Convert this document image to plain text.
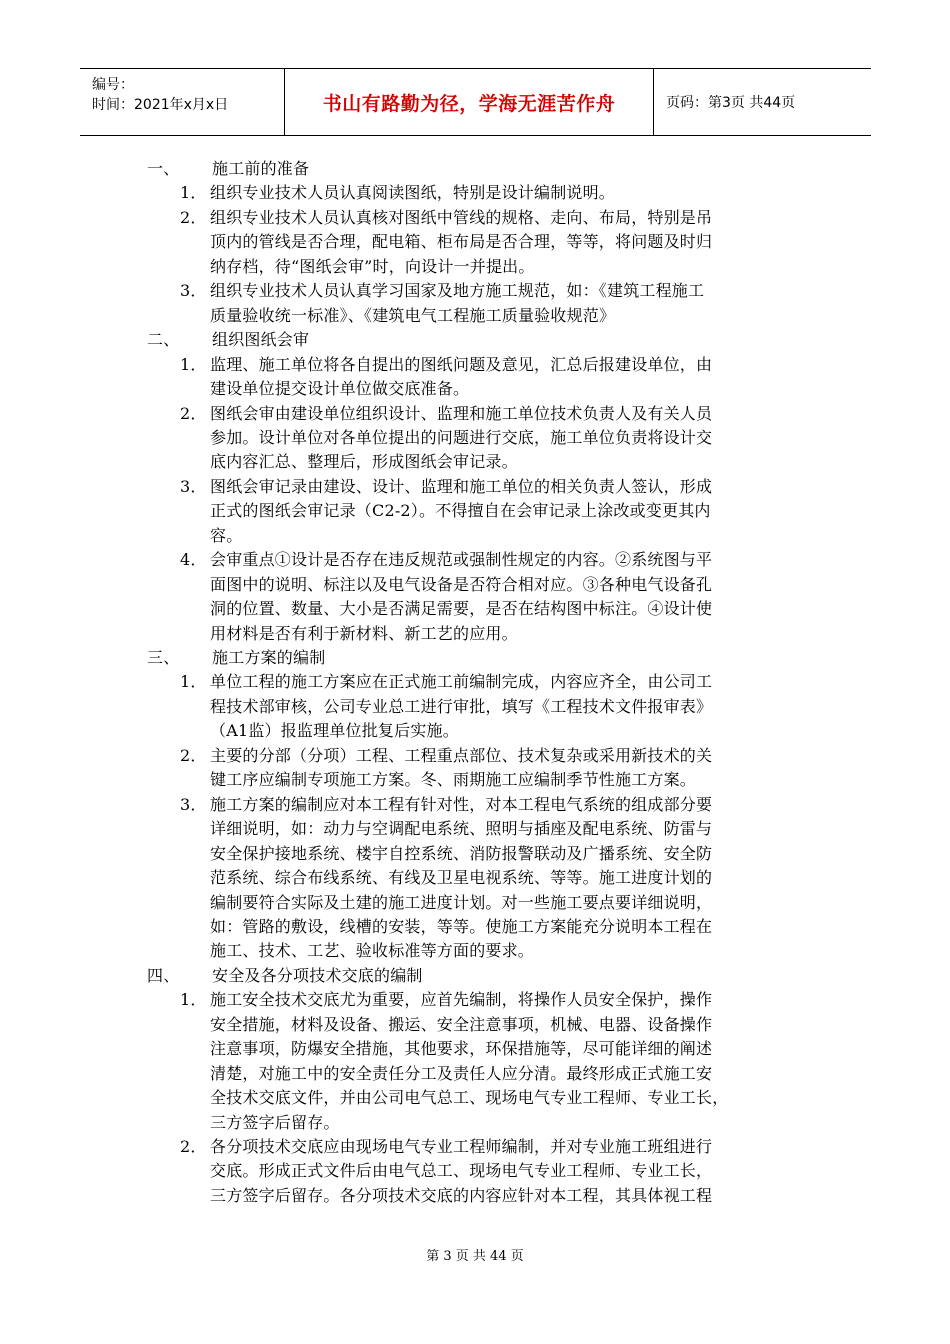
编号：
时间：2021年x月x日	书山有路勤为径，学海无涯苦作舟	页码：第3页 共44页
一、 施工前的准备
1． 组织专业技术人员认真阅读图纸，特别是设计编制说明。
2． 组织专业技术人员认真核对图纸中管线的规格、走向、布局，特别是吊
顶内的管线是否合理，配电箱、柜布局是否合理，等等，将问题及时归
纳存档，待“图纸会审”时，向设计一并提出。
3． 组织专业技术人员认真学习国家及地方施工规范，如：《建筑工程施工
质量验收统一标准》、《建筑电气工程施工质量验收规范》
二、 组织图纸会审
1． 监理、施工单位将各自提出的图纸问题及意见，汇总后报建设单位，由
建设单位提交设计单位做交底准备。
2． 图纸会审由建设单位组织设计、监理和施工单位技术负责人及有关人员
参加。设计单位对各单位提出的问题进行交底，施工单位负责将设计交
底内容汇总、整理后，形成图纸会审记录。
3． 图纸会审记录由建设、设计、监理和施工单位的相关负责人签认，形成
正式的图纸会审记录（C2-2）。不得擅自在会审记录上涂改或变更其内
容。
4． 会审重点①设计是否存在违反规范或强制性规定的内容。②系统图与平
面图中的说明、标注以及电气设备是否符合相对应。③各种电气设备孔
洞的位置、数量、大小是否满足需要，是否在结构图中标注。④设计使
用材料是否有利于新材料、新工艺的应用。
三、 施工方案的编制
1． 单位工程的施工方案应在正式施工前编制完成，内容应齐全，由公司工
程技术部审核，公司专业总工进行审批，填写《工程技术文件报审表》
（A1监）报监理单位批复后实施。
2． 主要的分部（分项）工程、工程重点部位、技术复杂或采用新技术的关
键工序应编制专项施工方案。冬、雨期施工应编制季节性施工方案。
3． 施工方案的编制应对本工程有针对性，对本工程电气系统的组成部分要
详细说明，如：动力与空调配电系统、照明与插座及配电系统、防雷与
安全保护接地系统、楼宇自控系统、消防报警联动及广播系统、安全防
范系统、综合布线系统、有线及卫星电视系统、等等。施工进度计划的
编制要符合实际及土建的施工进度计划。对一些施工要点要详细说明，
如：管路的敷设，线槽的安装，等等。使施工方案能充分说明本工程在
施工、技术、工艺、验收标准等方面的要求。
四、 安全及各分项技术交底的编制
1． 施工安全技术交底尤为重要，应首先编制，将操作人员安全保护，操作
安全措施，材料及设备、搬运、安全注意事项，机械、电器、设备操作
注意事项，防爆安全措施，其他要求，环保措施等，尽可能详细的阐述
清楚，对施工中的安全责任分工及责任人应分清。最终形成正式施工安
全技术交底文件，并由公司电气总工、现场电气专业工程师、专业工长，
三方签字后留存。
2． 各分项技术交底应由现场电气专业工程师编制，并对专业施工班组进行
交底。形成正式文件后由电气总工、现场电气专业工程师、专业工长，
三方签字后留存。各分项技术交底的内容应针对本工程，其具体视工程
第 3 页 共 44 页
